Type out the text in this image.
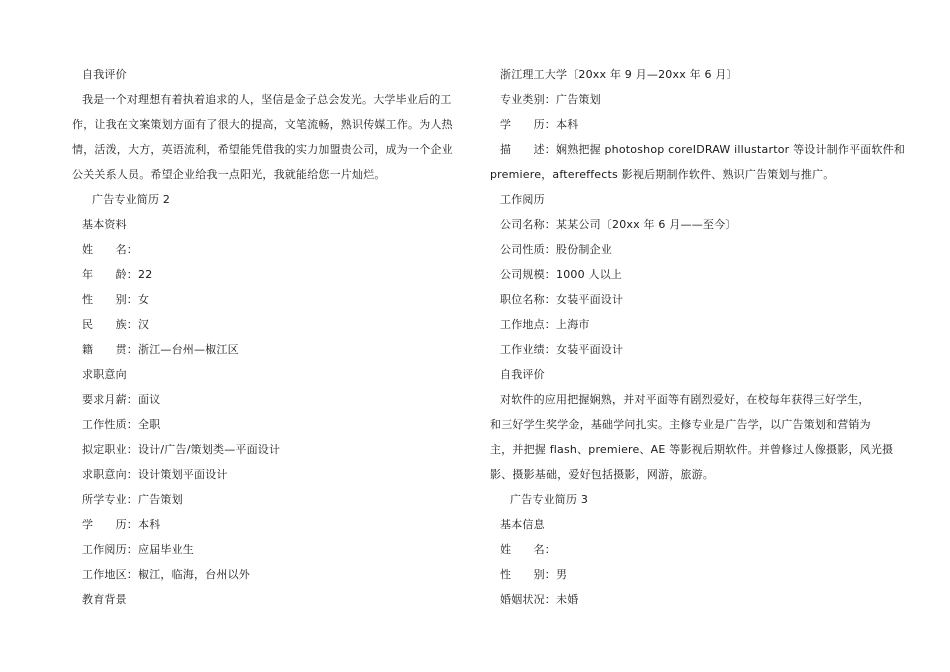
自我评价
我是一个对理想有着执着追求的人，坚信是金子总会发光。大学毕业后的工
作，让我在文案策划方面有了很大的提高，文笔流畅，熟识传媒工作。为人热
情，活泼，大方，英语流利，希望能凭借我的实力加盟贵公司，成为一个企业
公关关系人员。希望企业给我一点阳光，我就能给您一片灿烂。
广告专业简历 2
基本资料
姓　　名：
年　　龄：22
性　　别：女
民　　族：汉
籍　　贯：浙江—台州—椒江区
求职意向
要求月薪：面议
工作性质：全职
拟定职业：设计/广告/策划类—平面设计
求职意向：设计策划平面设计
所学专业：广告策划
学　　历：本科
工作阅历：应届毕业生
工作地区：椒江，临海，台州以外
教育背景
浙江理工大学〔20xx 年 9 月—20xx 年 6 月〕
专业类别：广告策划
学　　历：本科
描　　述：娴熟把握 photoshop coreIDRAW illustartor 等设计制作平面软件和
premiere，aftereffects 影视后期制作软件、熟识广告策划与推广。
工作阅历
公司名称：某某公司〔20xx 年 6 月——至今〕
公司性质：股份制企业
公司规模：1000 人以上
职位名称：女装平面设计
工作地点：上海市
工作业绩：女装平面设计
自我评价
对软件的应用把握娴熟，并对平面等有剧烈爱好，在校每年获得三好学生，
和三好学生奖学金，基础学问扎实。主修专业是广告学，以广告策划和营销为
主，并把握 flash、premiere、AE 等影视后期软件。并曾修过人像摄影，风光摄
影、摄影基础，爱好包括摄影，网游，旅游。
广告专业简历 3
基本信息
姓　　名：
性　　别：男
婚姻状况：未婚
